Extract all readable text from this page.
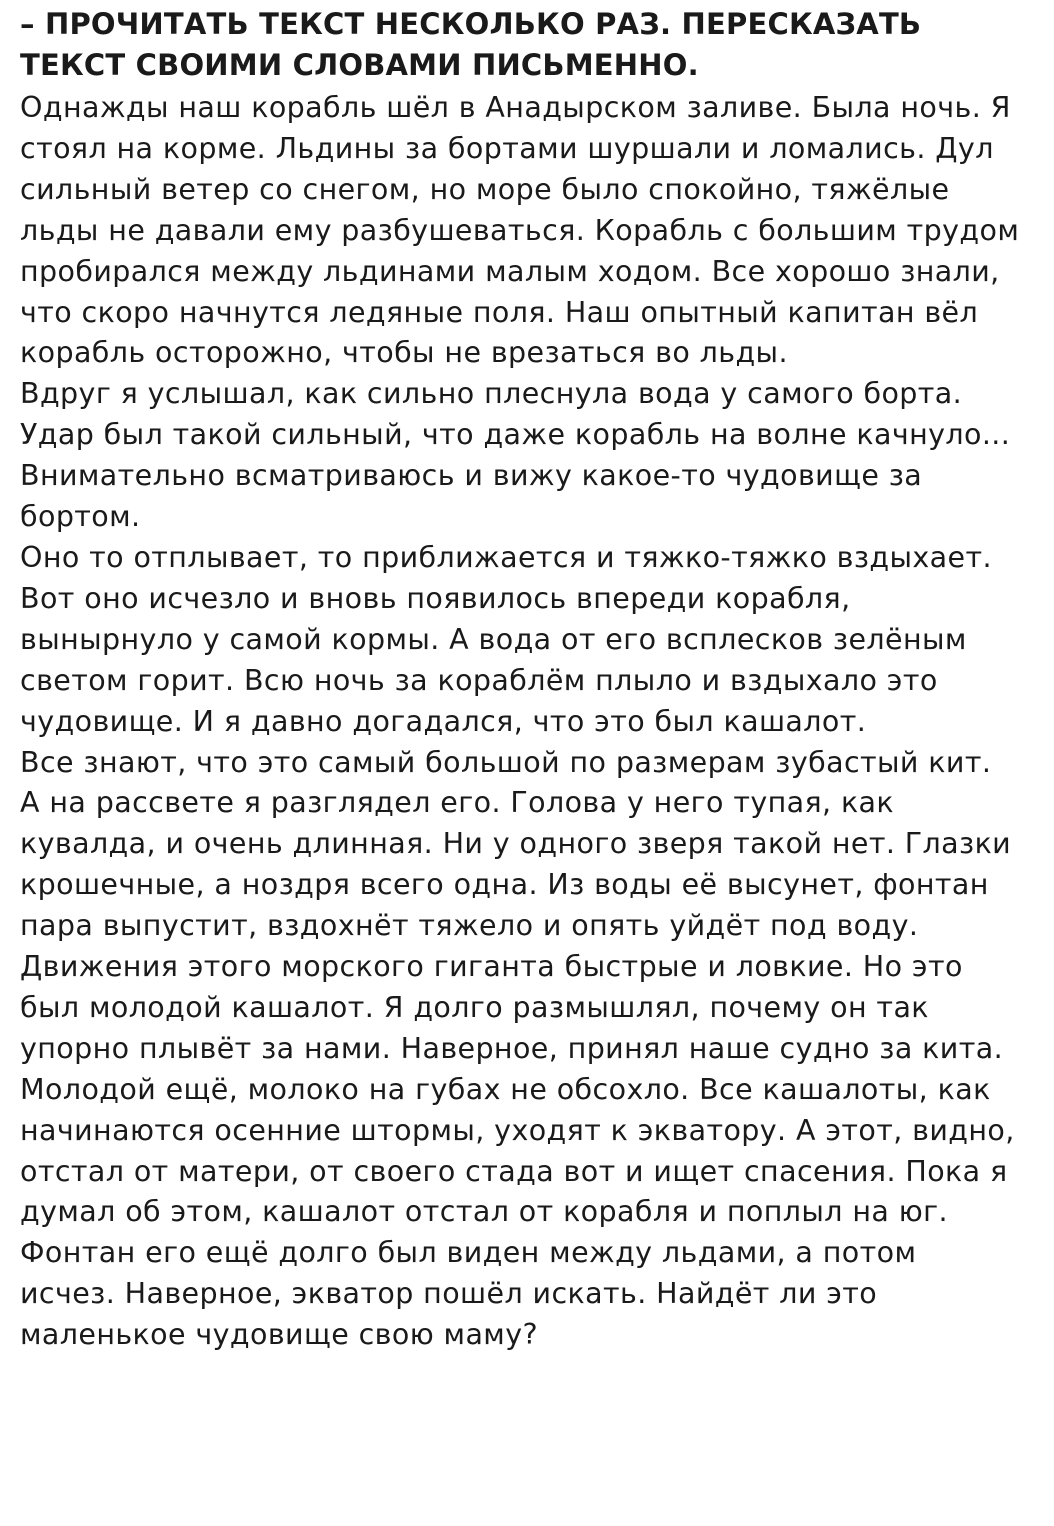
– ПРОЧИТАТЬ ТЕКСТ НЕСКОЛЬКО РАЗ. ПЕРЕСКАЗАТЬ ТЕКСТ СВОИМИ СЛОВАМИ ПИСЬМЕННО.

Однажды наш корабль шёл в Анадырском заливе. Была ночь. Я стоял на корме. Льдины за бортами шуршали и ломались. Дул сильный ветер со снегом, но море было спокойно, тяжёлые льды не давали ему разбушеваться. Корабль с большим трудом пробирался между льдинами малым ходом. Все хорошо знали, что скоро начнутся ледяные поля. Наш опытный капитан вёл корабль осторожно, чтобы не врезаться во льды.

Вдруг я услышал, как сильно плеснула вода у самого борта. Удар был такой сильный, что даже корабль на волне качнуло... Внимательно всматриваюсь и вижу какое-то чудовище за бортом.

Оно то отплывает, то приближается и тяжко-тяжко вздыхает. Вот оно исчезло и вновь появилось впереди корабля, вынырнуло у самой кормы. А вода от его всплесков зелёным светом горит. Всю ночь за кораблём плыло и вздыхало это чудовище. И я давно догадался, что это был кашалот.

Все знают, что это самый большой по размерам зубастый кит. А на рассвете я разглядел его. Голова у него тупая, как кувалда, и очень длинная. Ни у одного зверя такой нет. Глазки крошечные, а ноздря всего одна. Из воды её высунет, фонтан пара выпустит, вздохнёт тяжело и опять уйдёт под воду. Движения этого морского гиганта быстрые и ловкие. Но это был молодой кашалот. Я долго размышлял, почему он так упорно плывёт за нами. Наверное, принял наше судно за кита. Молодой ещё, молоко на губах не обсохло. Все кашалоты, как начинаются осенние штормы, уходят к экватору. А этот, видно, отстал от матери, от своего стада вот и ищет спасения. Пока я думал об этом, кашалот отстал от корабля и поплыл на юг. Фонтан его ещё долго был виден между льдами, а потом исчез. Наверное, экватор пошёл искать. Найдёт ли это маленькое чудовище свою маму?
